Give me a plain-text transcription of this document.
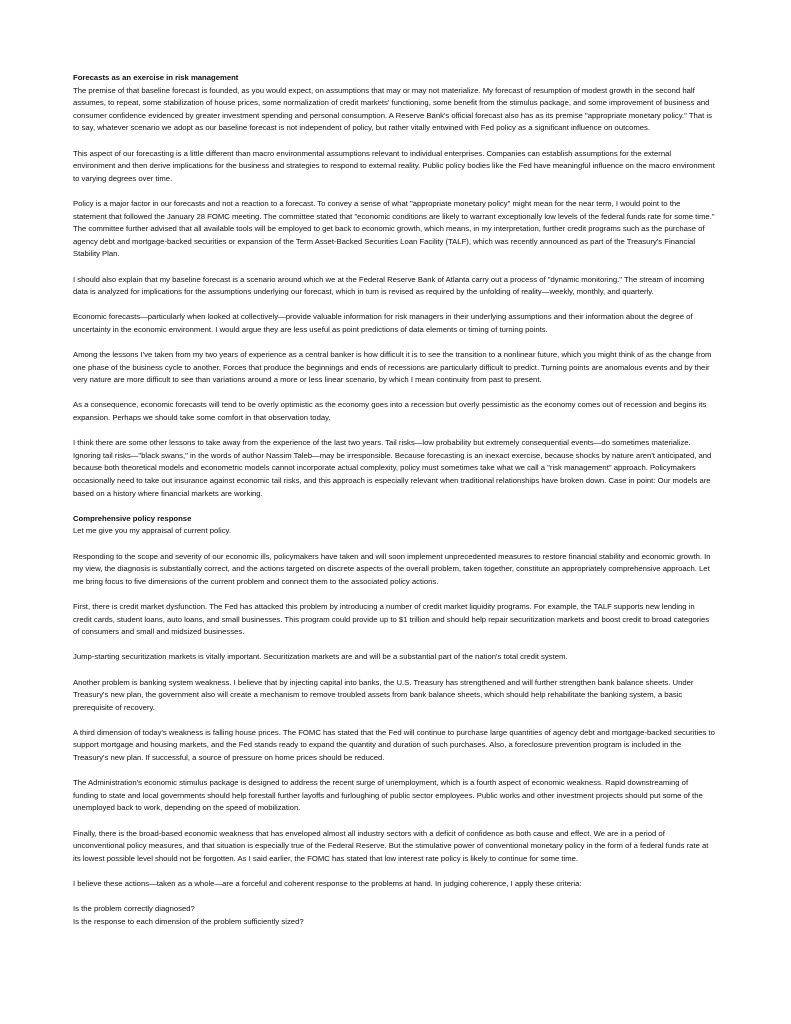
Forecasts as an exercise in risk management

The premise of that baseline forecast is founded, as you would expect, on assumptions that may or may not materialize. My forecast of resumption of modest growth in the second half assumes, to repeat, some stabilization of house prices, some normalization of credit markets' functioning, some benefit from the stimulus package, and some improvement of business and consumer confidence evidenced by greater investment spending and personal consumption. A Reserve Bank's official forecast also has as its premise "appropriate monetary policy." That is to say, whatever scenario we adopt as our baseline forecast is not independent of policy, but rather vitally entwined with Fed policy as a significant influence on outcomes.

This aspect of our forecasting is a little different than macro environmental assumptions relevant to individual enterprises. Companies can establish assumptions for the external environment and then derive implications for the business and strategies to respond to external reality. Public policy bodies like the Fed have meaningful influence on the macro environment to varying degrees over time.

Policy is a major factor in our forecasts and not a reaction to a forecast. To convey a sense of what "appropriate monetary policy" might mean for the near term, I would point to the statement that followed the January 28 FOMC meeting. The committee stated that "economic conditions are likely to warrant exceptionally low levels of the federal funds rate for some time." The committee further advised that all available tools will be employed to get back to economic growth, which means, in my interpretation, further credit programs such as the purchase of agency debt and mortgage-backed securities or expansion of the Term Asset-Backed Securities Loan Facility (TALF), which was recently announced as part of the Treasury's Financial Stability Plan.

I should also explain that my baseline forecast is a scenario around which we at the Federal Reserve Bank of Atlanta carry out a process of "dynamic monitoring." The stream of incoming data is analyzed for implications for the assumptions underlying our forecast, which in turn is revised as required by the unfolding of reality—weekly, monthly, and quarterly.

Economic forecasts—particularly when looked at collectively—provide valuable information for risk managers in their underlying assumptions and their information about the degree of uncertainty in the economic environment. I would argue they are less useful as point predictions of data elements or timing of turning points.

Among the lessons I've taken from my two years of experience as a central banker is how difficult it is to see the transition to a nonlinear future, which you might think of as the change from one phase of the business cycle to another. Forces that produce the beginnings and ends of recessions are particularly difficult to predict. Turning points are anomalous events and by their very nature are more difficult to see than variations around a more or less linear scenario, by which I mean continuity from past to present.

As a consequence, economic forecasts will tend to be overly optimistic as the economy goes into a recession but overly pessimistic as the economy comes out of recession and begins its expansion. Perhaps we should take some comfort in that observation today.

I think there are some other lessons to take away from the experience of the last two years. Tail risks—low probability but extremely consequential events—do sometimes materialize. Ignoring tail risks—"black swans," in the words of author Nassim Taleb—may be irresponsible. Because forecasting is an inexact exercise, because shocks by nature aren't anticipated, and because both theoretical models and econometric models cannot incorporate actual complexity, policy must sometimes take what we call a "risk management" approach. Policymakers occasionally need to take out insurance against economic tail risks, and this approach is especially relevant when traditional relationships have broken down. Case in point: Our models are based on a history where financial markets are working.

Comprehensive policy response

Let me give you my appraisal of current policy.

Responding to the scope and severity of our economic ills, policymakers have taken and will soon implement unprecedented measures to restore financial stability and economic growth. In my view, the diagnosis is substantially correct, and the actions targeted on discrete aspects of the overall problem, taken together, constitute an appropriately comprehensive approach. Let me bring focus to five dimensions of the current problem and connect them to the associated policy actions.

First, there is credit market dysfunction. The Fed has attacked this problem by introducing a number of credit market liquidity programs. For example, the TALF supports new lending in credit cards, student loans, auto loans, and small businesses. This program could provide up to $1 trillion and should help repair securitization markets and boost credit to broad categories of consumers and small and midsized businesses.

Jump-starting securitization markets is vitally important. Securitization markets are and will be a substantial part of the nation's total credit system.

Another problem is banking system weakness. I believe that by injecting capital into banks, the U.S. Treasury has strengthened and will further strengthen bank balance sheets. Under Treasury's new plan, the government also will create a mechanism to remove troubled assets from bank balance sheets, which should help rehabilitate the banking system, a basic prerequisite of recovery.

A third dimension of today's weakness is falling house prices. The FOMC has stated that the Fed will continue to purchase large quantities of agency debt and mortgage-backed securities to support mortgage and housing markets, and the Fed stands ready to expand the quantity and duration of such purchases. Also, a foreclosure prevention program is included in the Treasury's new plan. If successful, a source of pressure on home prices should be reduced.

The Administration's economic stimulus package is designed to address the recent surge of unemployment, which is a fourth aspect of economic weakness. Rapid downstreaming of funding to state and local governments should help forestall further layoffs and furloughing of public sector employees. Public works and other investment projects should put some of the unemployed back to work, depending on the speed of mobilization.

Finally, there is the broad-based economic weakness that has enveloped almost all industry sectors with a deficit of confidence as both cause and effect. We are in a period of unconventional policy measures, and that situation is especially true of the Federal Reserve. But the stimulative power of conventional monetary policy in the form of a federal funds rate at its lowest possible level should not be forgotten. As I said earlier, the FOMC has stated that low interest rate policy is likely to continue for some time.

I believe these actions—taken as a whole—are a forceful and coherent response to the problems at hand. In judging coherence, I apply these criteria:

Is the problem correctly diagnosed?

Is the response to each dimension of the problem sufficiently sized?
